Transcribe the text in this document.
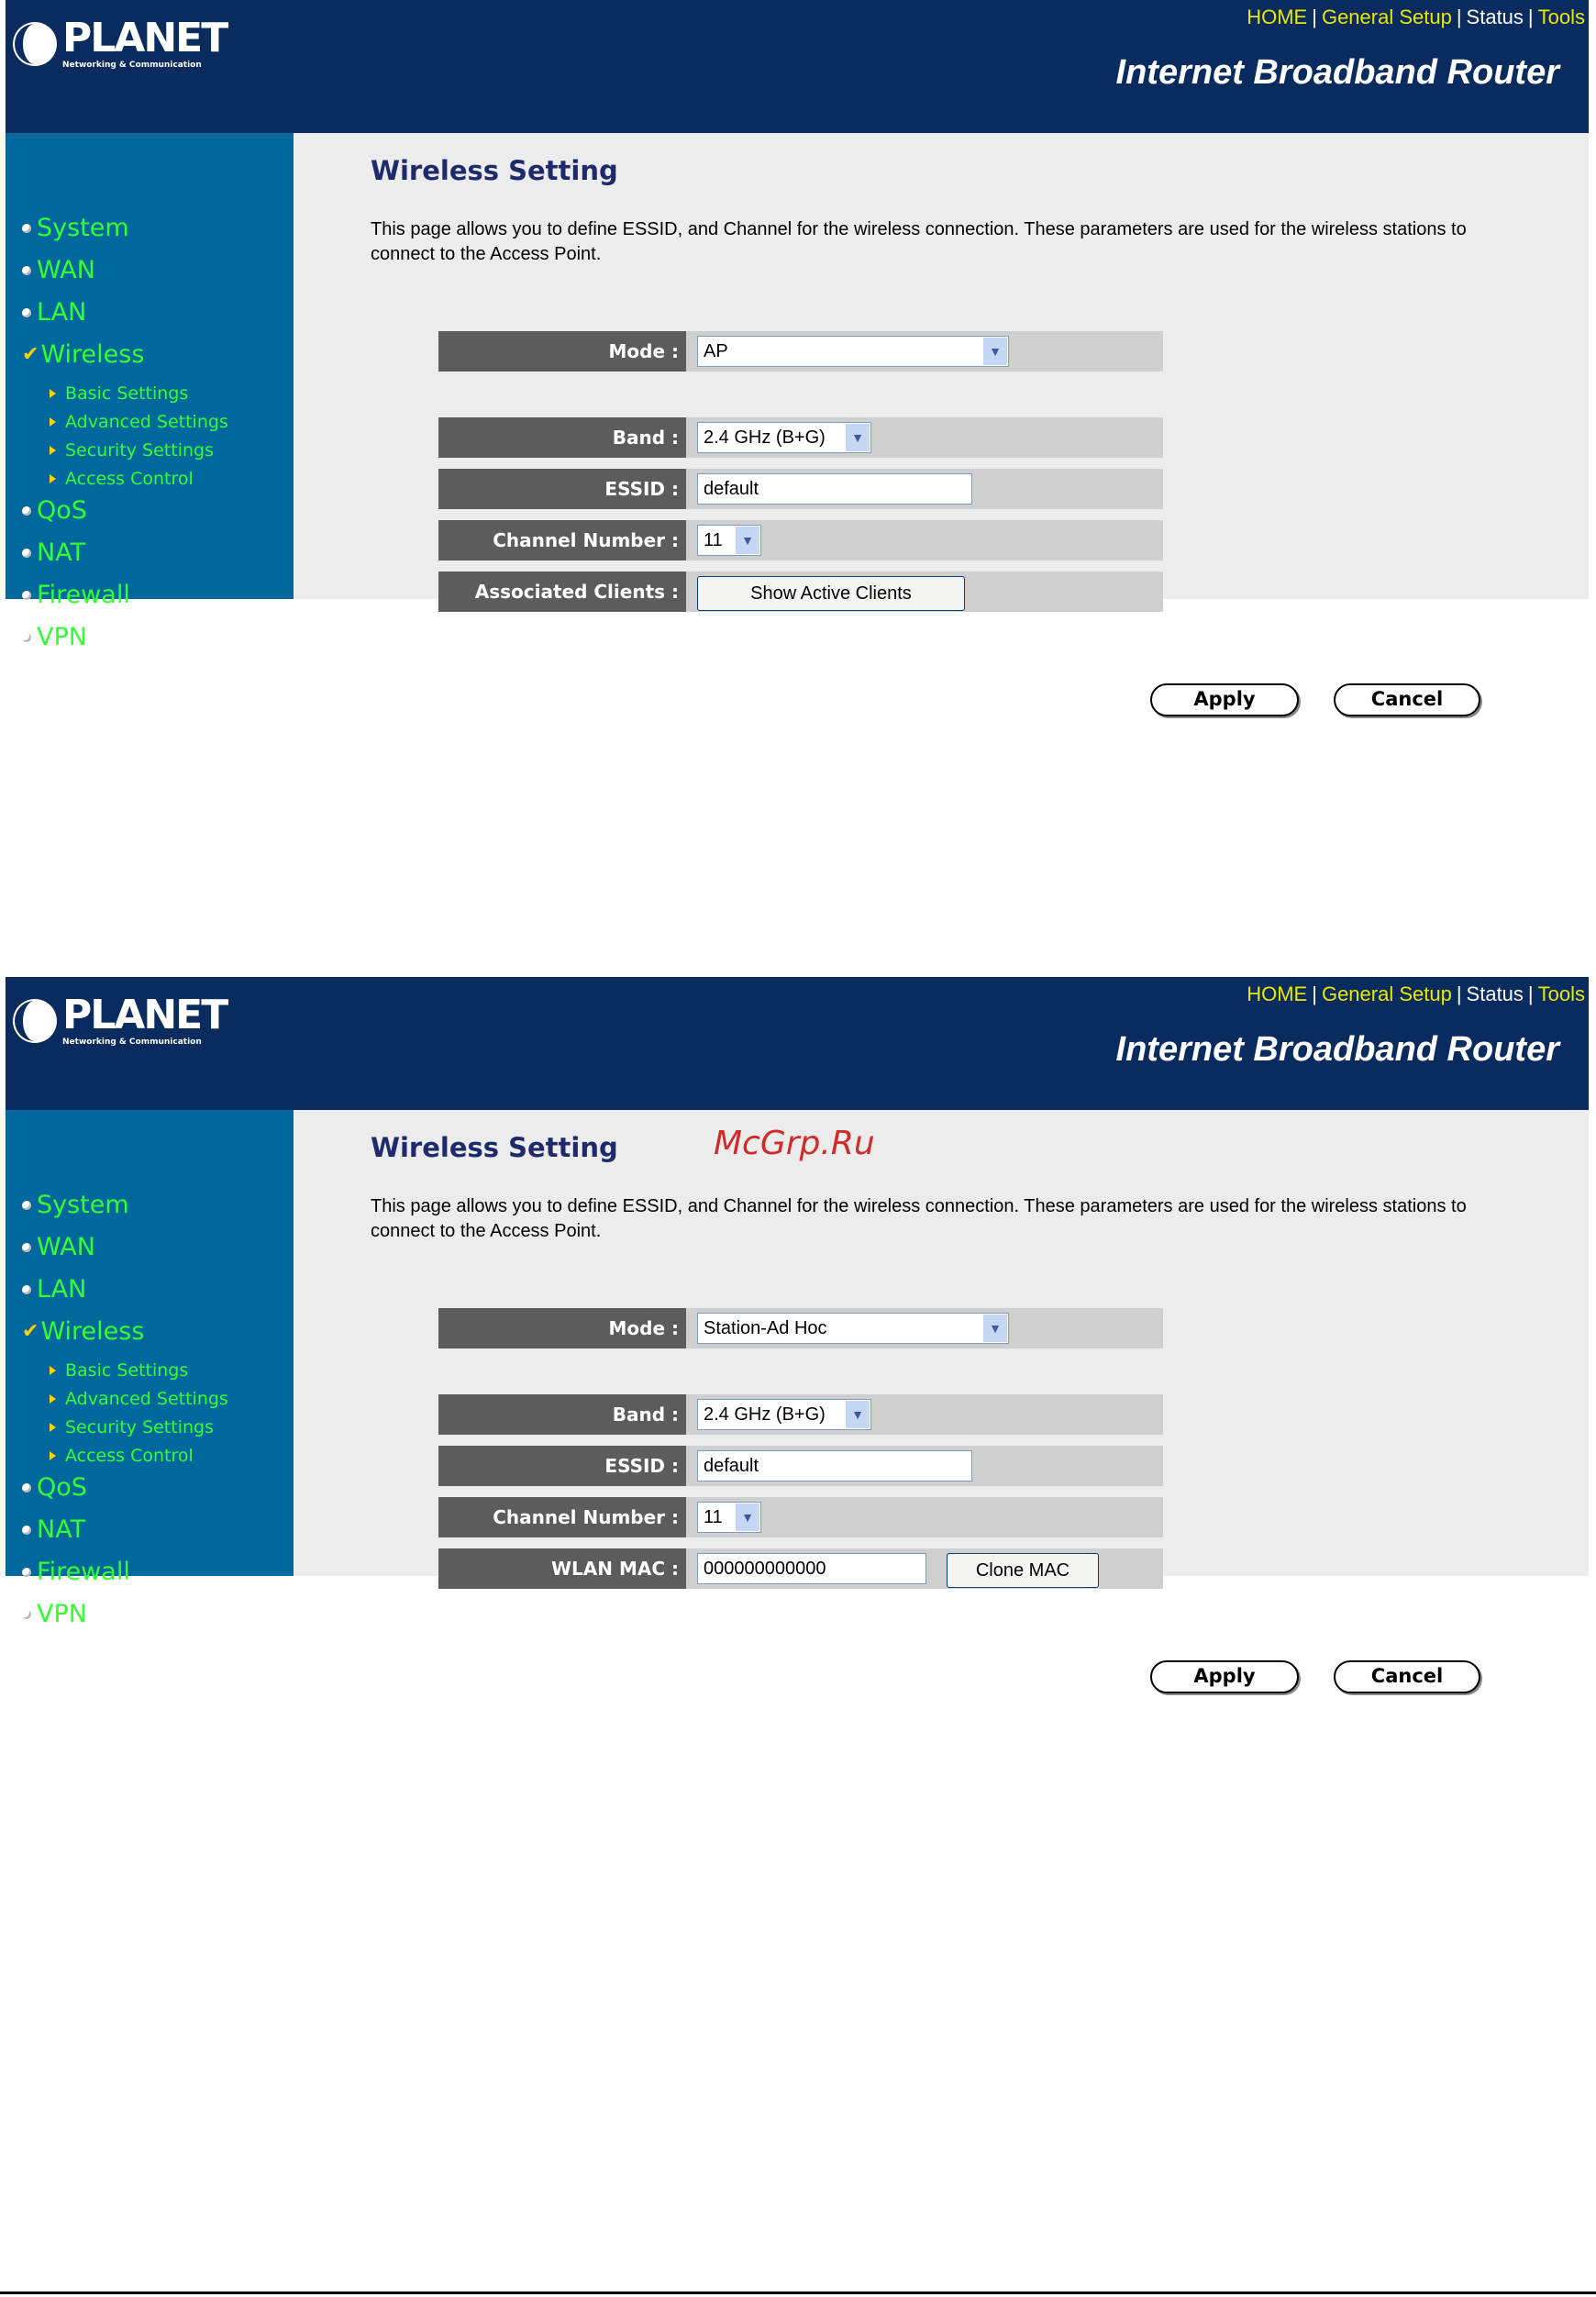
PLANET
Networking & Communication
HOME | General Setup | Status | Tools
Internet Broadband Router
System
WAN
LAN
✔ Wireless
Basic Settings
Advanced Settings
Security Settings
Access Control
QoS
NAT
Firewall
VPN
Wireless Setting
This page allows you to define ESSID, and Channel for the wireless connection. These parameters are used for the wireless stations to connect to the Access Point.
Mode :	AP	▼
Band :	2.4 GHz (B+G)	▼
ESSID :	default
Channel Number :	11	▼
Associated Clients :	Show Active Clients
Apply	Cancel
PLANET
Networking & Communication
HOME | General Setup | Status | Tools
Internet Broadband Router
System
WAN
LAN
✔ Wireless
Basic Settings
Advanced Settings
Security Settings
Access Control
QoS
NAT
Firewall
VPN
Wireless Setting	McGrp.Ru
This page allows you to define ESSID, and Channel for the wireless connection. These parameters are used for the wireless stations to connect to the Access Point.
Mode :	Station-Ad Hoc	▼
Band :	2.4 GHz (B+G)	▼
ESSID :	default
Channel Number :	11	▼
WLAN MAC :	000000000000	Clone MAC
Apply	Cancel
